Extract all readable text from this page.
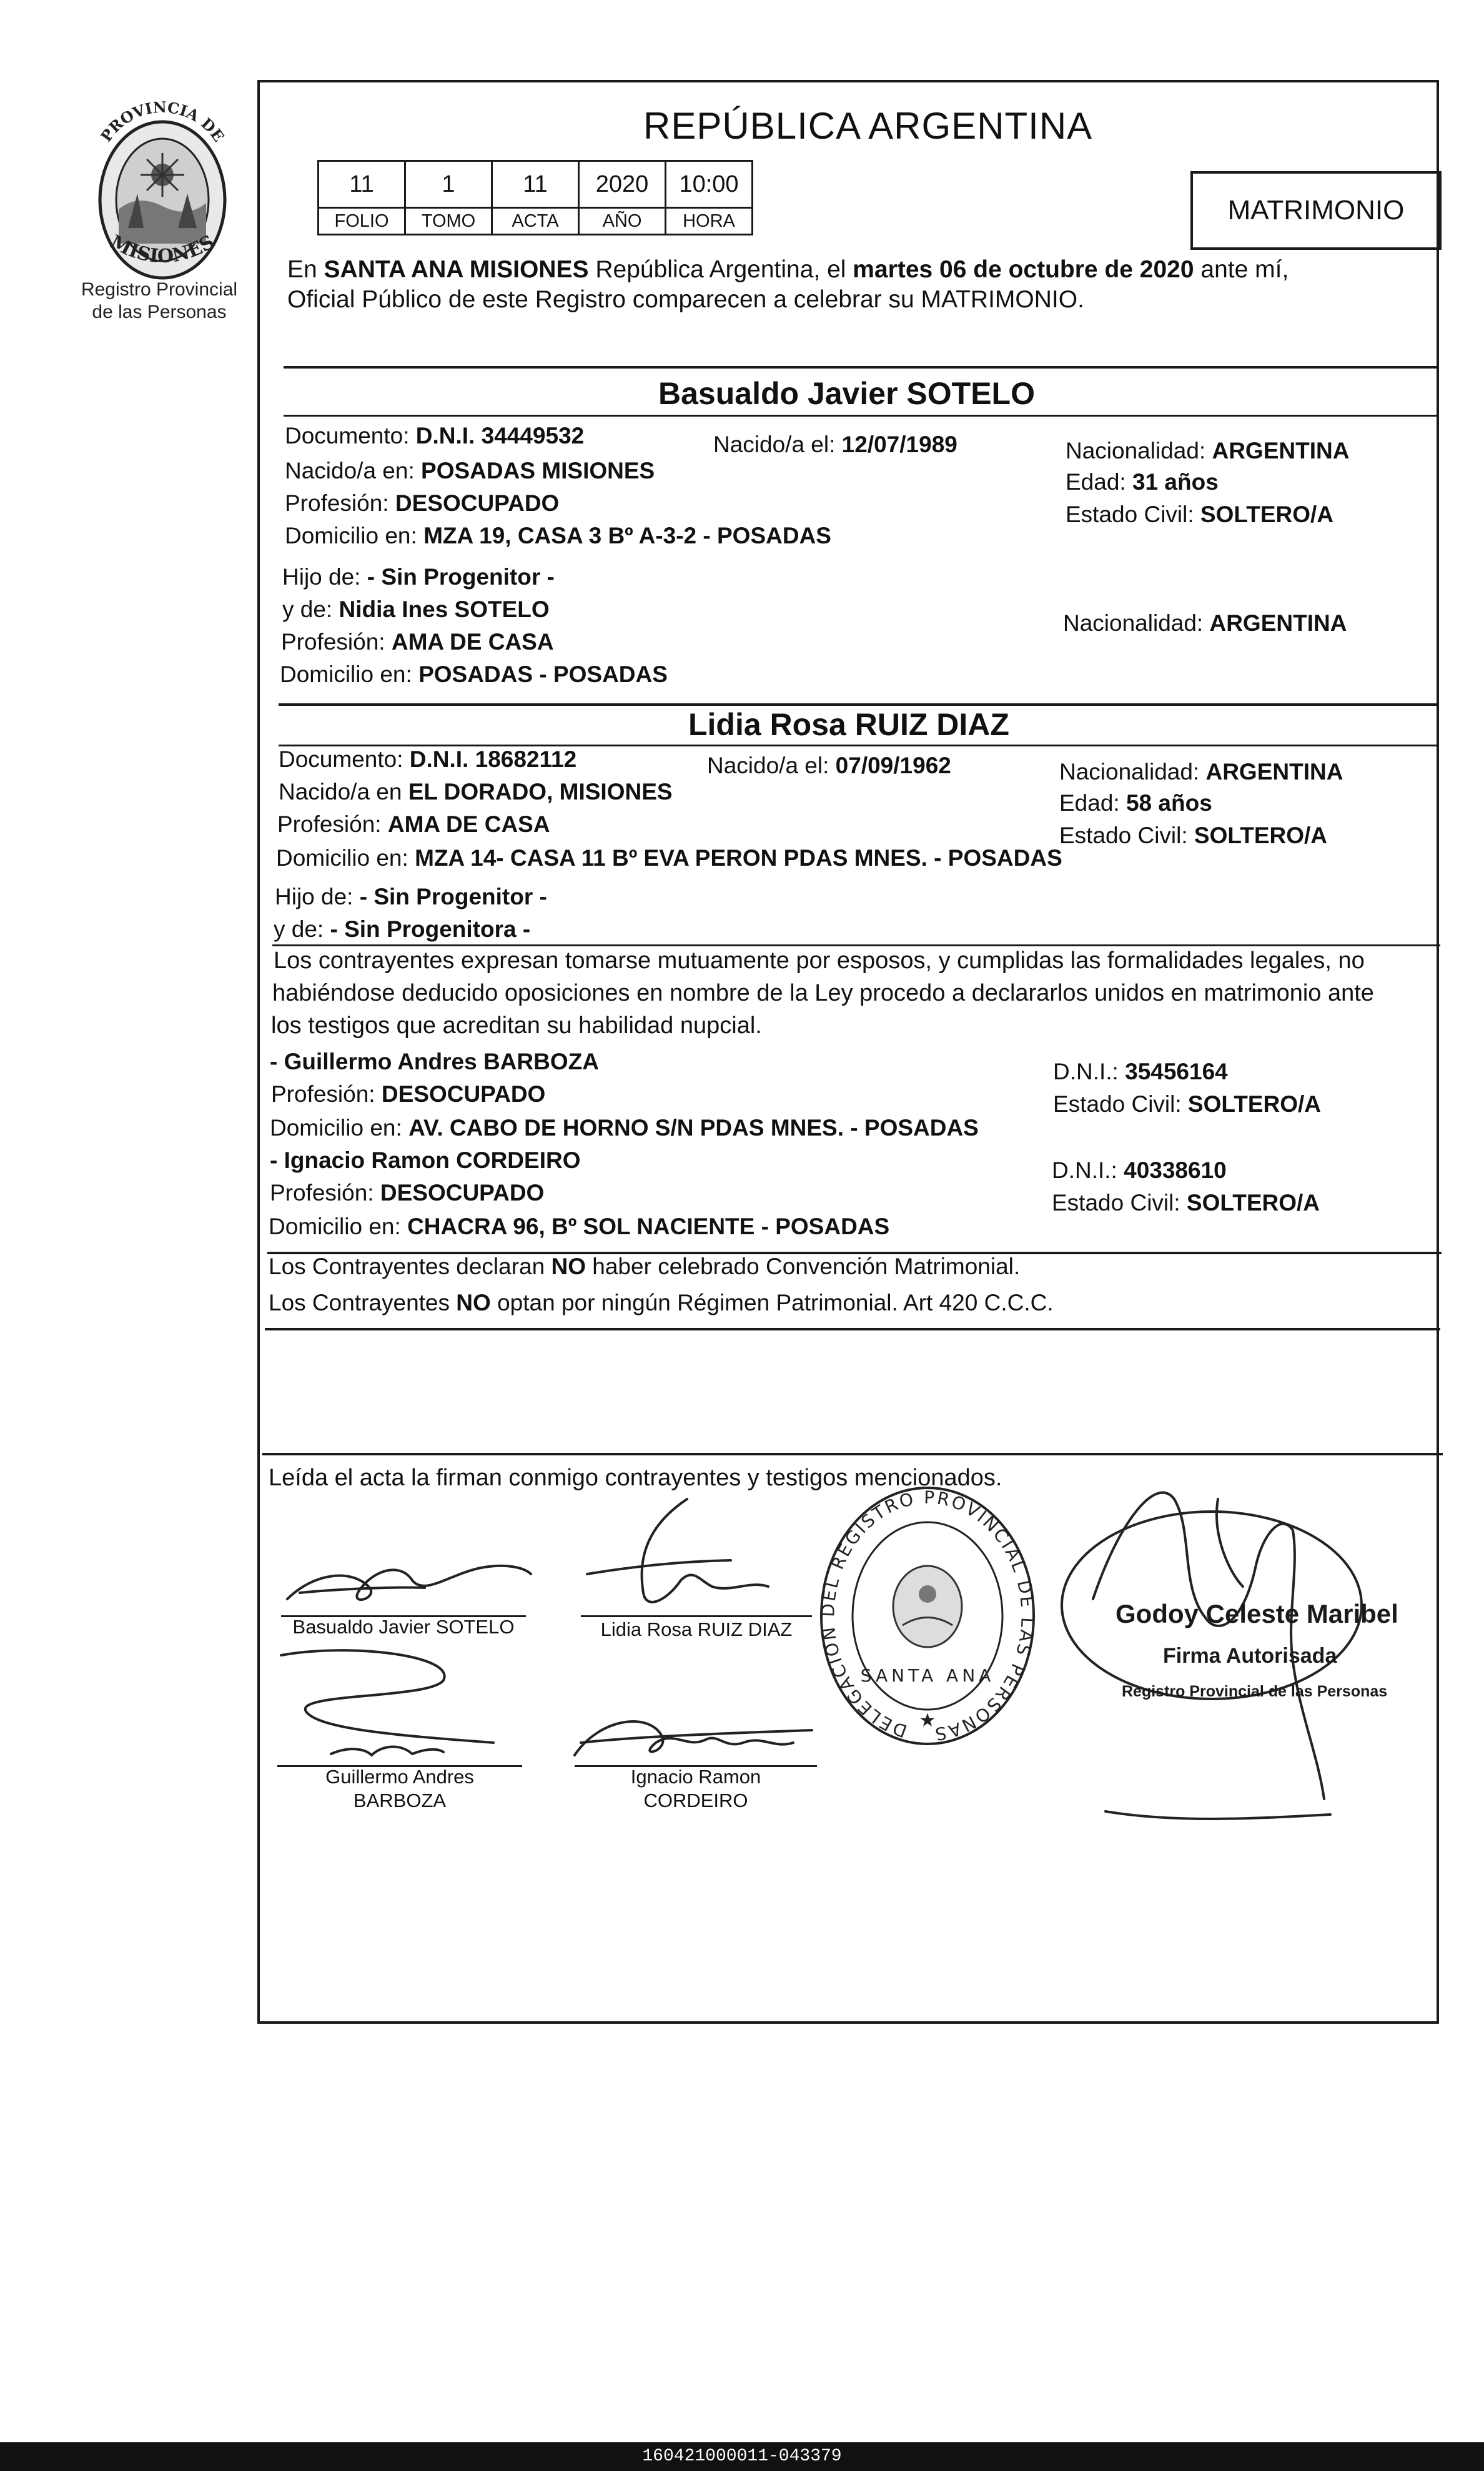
PROVINCIA DE
MISIONES
Registro Provincial
de las Personas
REPÚBLICA ARGENTINA
11	1	11	2020	10:00
FOLIO	TOMO	ACTA	AÑO	HORA	MATRIMONIO
En SANTA ANA MISIONES República Argentina, el martes 06 de octubre de 2020 ante mí,
Oficial Público de este Registro comparecen a celebrar su MATRIMONIO.
Basualdo Javier SOTELO
Documento: D.N.I. 34449532	Nacido/a el: 12/07/1989	Nacionalidad: ARGENTINA
Nacido/a en: POSADAS MISIONES	Edad: 31 años
Profesión: DESOCUPADO	Estado Civil: SOLTERO/A
Domicilio en: MZA 19, CASA 3 Bº A-3-2 - POSADAS
Hijo de: - Sin Progenitor -
y de: Nidia Ines SOTELO
Nacionalidad: ARGENTINA
Profesión: AMA DE CASA
Domicilio en: POSADAS - POSADAS
Lidia Rosa RUIZ DIAZ
Documento: D.N.I. 18682112	Nacido/a el: 07/09/1962	Nacionalidad: ARGENTINA
Nacido/a en EL DORADO, MISIONES	Edad: 58 años
Profesión: AMA DE CASA	Estado Civil: SOLTERO/A
Domicilio en: MZA 14- CASA 11 Bº EVA PERON PDAS MNES. - POSADAS
Hijo de: - Sin Progenitor -
y de: - Sin Progenitora -
Los contrayentes expresan tomarse mutuamente por esposos, y cumplidas las formalidades legales, no
habiéndose deducido oposiciones en nombre de la Ley procedo a declararlos unidos en matrimonio ante
los testigos que acreditan su habilidad nupcial.
- Guillermo Andres BARBOZA	D.N.I.: 35456164
Profesión: DESOCUPADO	Estado Civil: SOLTERO/A
Domicilio en: AV. CABO DE HORNO S/N PDAS MNES. - POSADAS
- Ignacio Ramon CORDEIRO	D.N.I.: 40338610
Profesión: DESOCUPADO	Estado Civil: SOLTERO/A
Domicilio en: CHACRA 96, Bº SOL NACIENTE - POSADAS
Los Contrayentes declaran NO haber celebrado Convención Matrimonial.
Los Contrayentes NO optan por ningún Régimen Patrimonial. Art 420 C.C.C.
Leída el acta la firman conmigo contrayentes y testigos mencionados.
Basualdo Javier SOTELO	Lidia Rosa RUIZ DIAZ
Guillermo Andres
BARBOZA
Ignacio Ramon
CORDEIRO
DELEGACION DEL REGISTRO PROVINCIAL DE LAS PERSONAS
SANTA ANA
★
Godoy Celeste Maribel
Firma Autorisada
Registro Provincial de las Personas
160421000011-043379
